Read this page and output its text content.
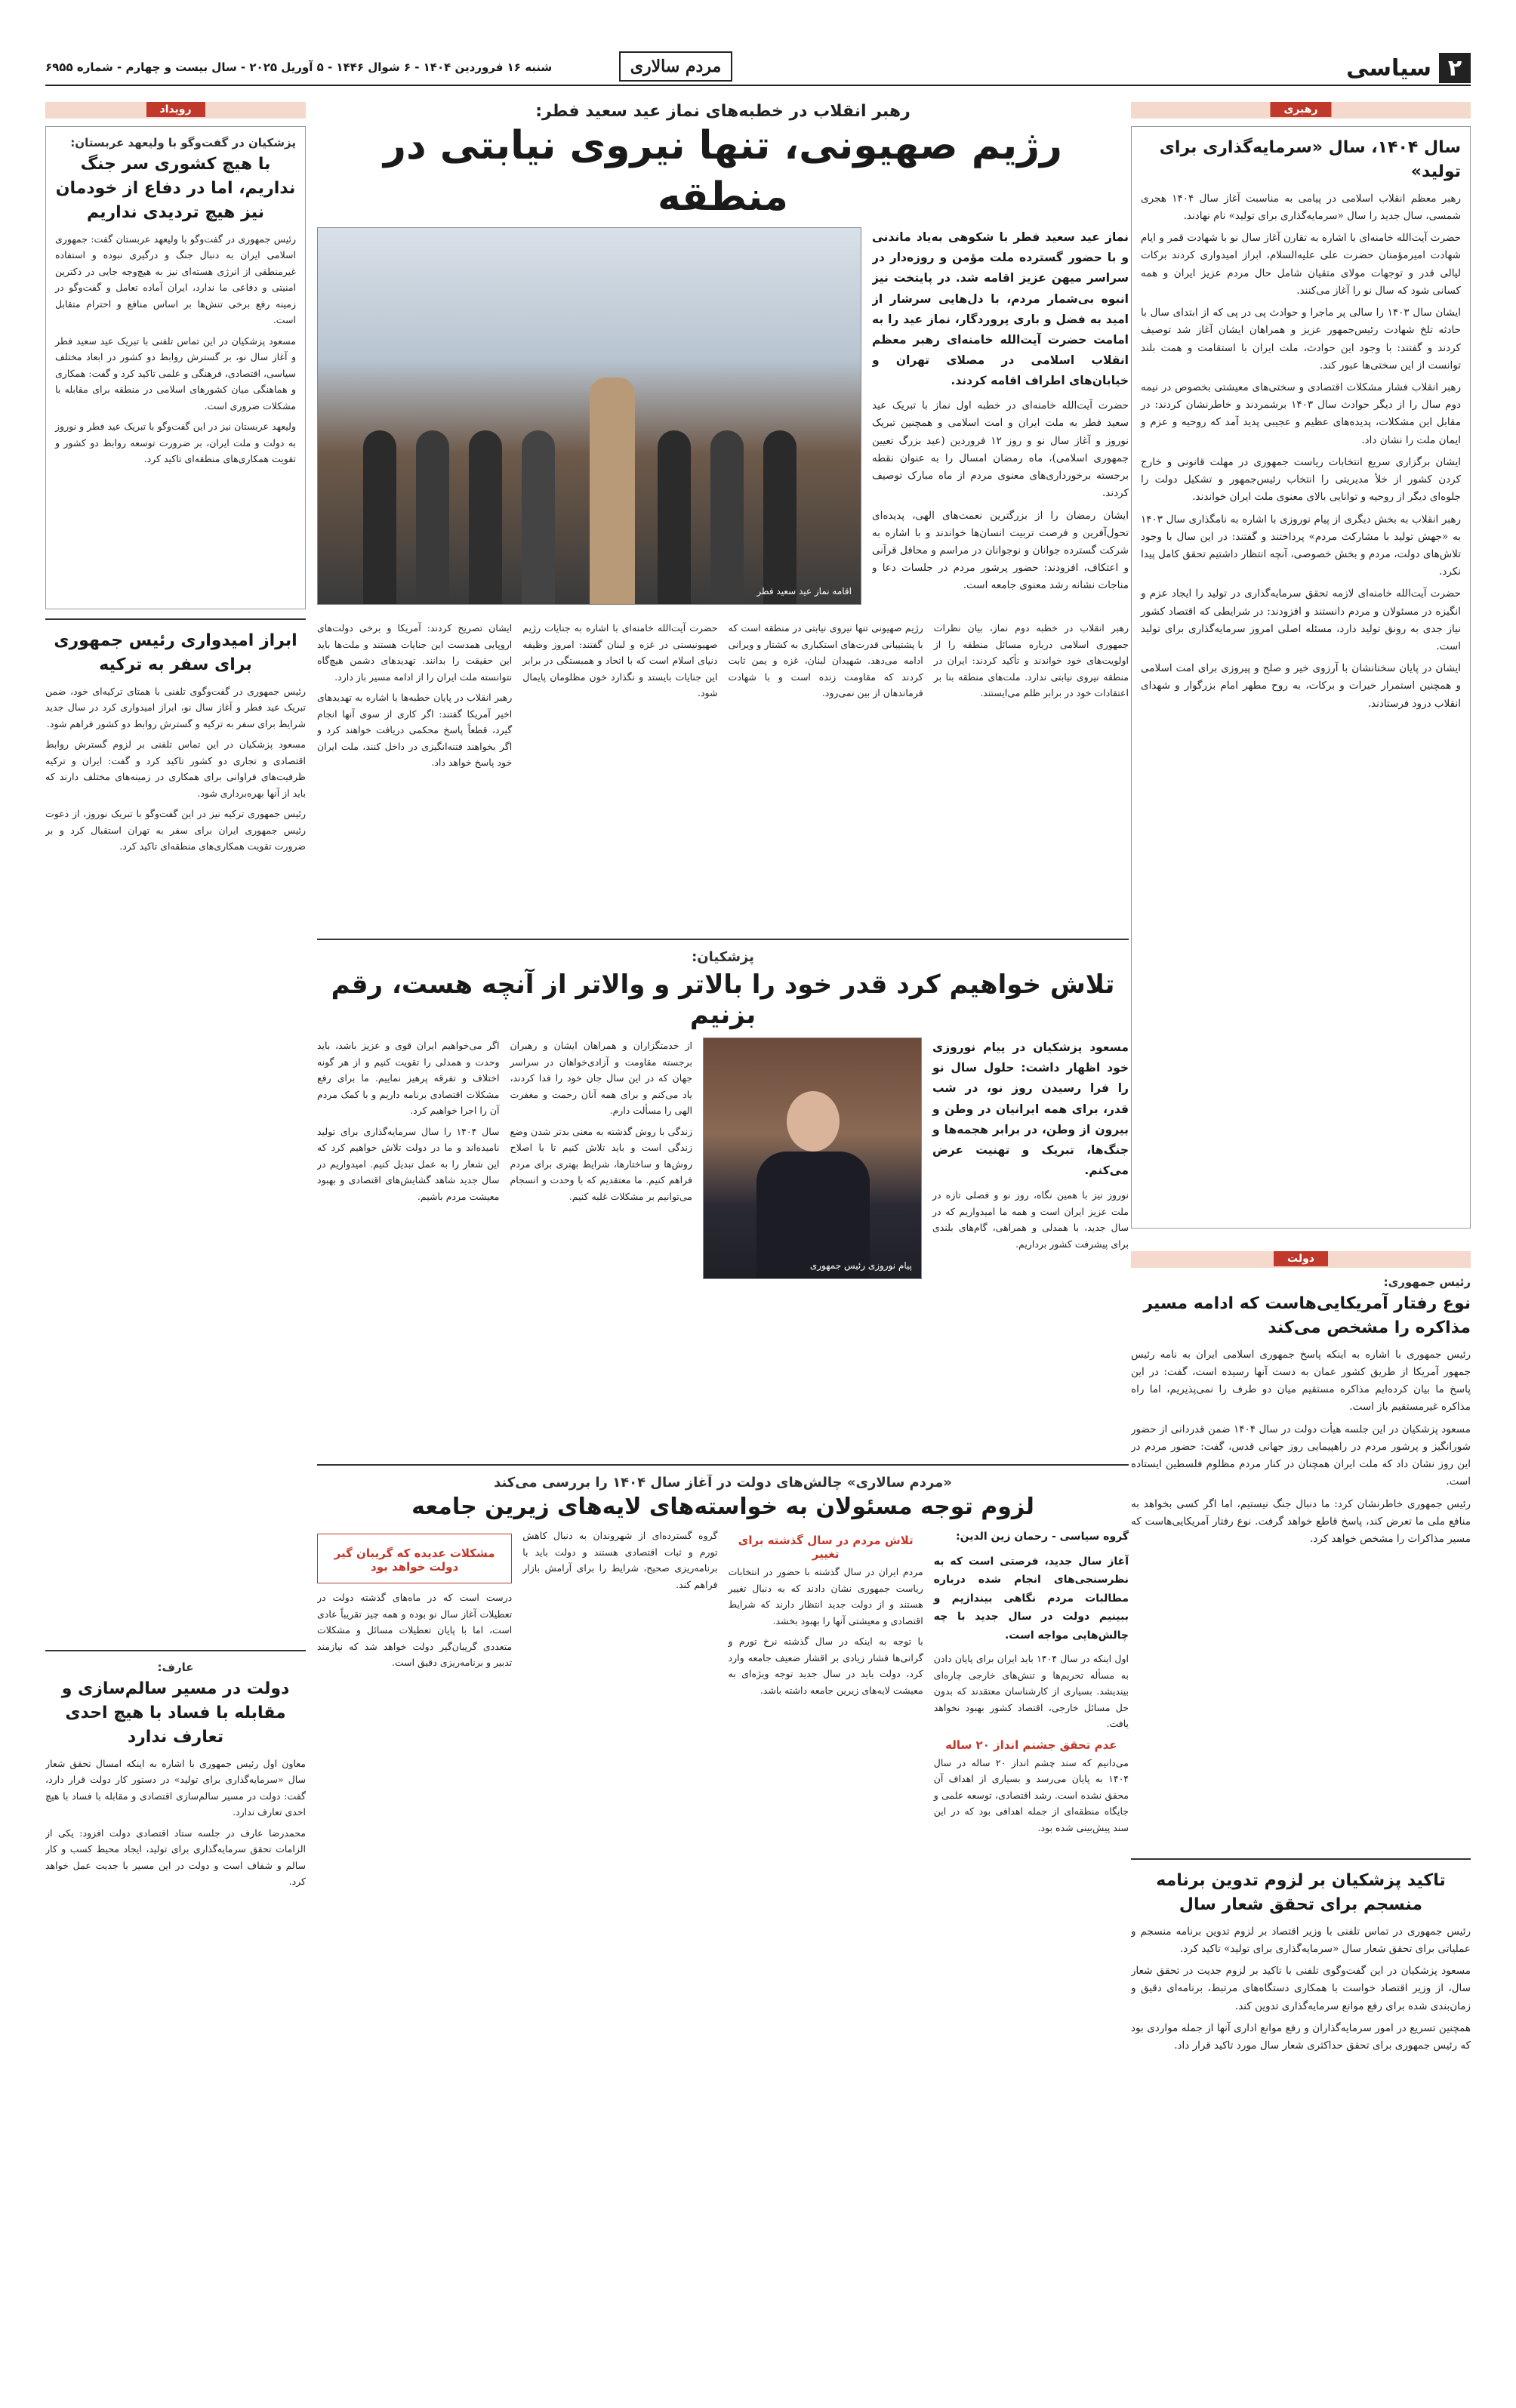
۲
سیاسی
مردم سالاری
شنبه ۱۶ فروردین ۱۴۰۴ - ۶ شوال ۱۴۴۶ - ۵ آوریل ۲۰۲۵ - سال بیست و چهارم - شماره ۶۹۵۵
رهبری
سال ۱۴۰۴، سال «سرمایه‌گذاری برای تولید»

رهبر معظم انقلاب اسلامی در پیامی به مناسبت آغاز سال ۱۴۰۴ هجری شمسی، سال جدید را سال «سرمایه‌گذاری برای تولید» نام نهادند.

حضرت آیت‌الله خامنه‌ای با اشاره به تقارن آغاز سال نو با شهادت قمر و ایام شهادت امیرمؤمنان حضرت علی علیه‌السلام، ابراز امیدواری کردند برکات لیالی قدر و توجهات مولای متقیان شامل حال مردم عزیز ایران و همه کسانی شود که سال نو را آغاز می‌کنند.

ایشان سال ۱۴۰۳ را سالی پر ماجرا و حوادث پی در پی که از ابتدای سال با حادثه تلخ شهادت رئیس‌جمهور عزیز و همراهان ایشان آغاز شد توصیف کردند و گفتند: با وجود این حوادث، ملت ایران با استقامت و همت بلند توانست از این سختی‌ها عبور کند.

رهبر انقلاب فشار مشکلات اقتصادی و سختی‌های معیشتی بخصوص در نیمه دوم سال را از دیگر حوادث سال ۱۴۰۳ برشمردند و خاطرنشان کردند: در مقابل این مشکلات، پدیده‌های عظیم و عجیبی پدید آمد که روحیه و عزم و ایمان ملت را نشان داد.

ایشان برگزاری سریع انتخابات ریاست جمهوری در مهلت قانونی و خارج کردن کشور از خلأ مدیریتی را انتخاب رئیس‌جمهور و تشکیل دولت را جلوه‌ای دیگر از روحیه و توانایی بالای معنوی ملت ایران خواندند.

رهبر انقلاب به بخش دیگری از پیام نوروزی با اشاره به نامگذاری سال ۱۴۰۳ به «جهش تولید با مشارکت مردم» پرداختند و گفتند: در این سال با وجود تلاش‌های دولت، مردم و بخش خصوصی، آنچه انتظار داشتیم تحقق کامل پیدا نکرد.

حضرت آیت‌الله خامنه‌ای لازمه تحقق سرمایه‌گذاری در تولید را ایجاد عزم و انگیزه در مسئولان و مردم دانستند و افزودند: در شرایطی که اقتصاد کشور نیاز جدی به رونق تولید دارد، مسئله اصلی امروز سرمایه‌گذاری برای تولید است.

ایشان در پایان سخنانشان با آرزوی خیر و صلح و پیروزی برای امت اسلامی و همچنین استمرار خیرات و برکات، به روح مطهر امام بزرگوار و شهدای انقلاب درود فرستادند.

دولت
رئیس جمهوری:
نوع رفتار آمریکایی‌هاست که ادامه مسیر مذاکره را مشخص می‌کند

رئیس جمهوری با اشاره به اینکه پاسخ جمهوری اسلامی ایران به نامه رئیس جمهور آمریکا از طریق کشور عمان به دست آنها رسیده است، گفت: در این پاسخ ما بیان کرده‌ایم مذاکره مستقیم میان دو طرف را نمی‌پذیریم، اما راه مذاکره غیرمستقیم باز است.

مسعود پزشکیان در این جلسه هیأت دولت در سال ۱۴۰۴ ضمن قدردانی از حضور شورانگیز و پرشور مردم در راهپیمایی روز جهانی قدس، گفت: حضور مردم در این روز نشان داد که ملت ایران همچنان در کنار مردم مظلوم فلسطین ایستاده است.

رئیس جمهوری خاطرنشان کرد: ما دنبال جنگ نیستیم، اما اگر کسی بخواهد به منافع ملی ما تعرض کند، پاسخ قاطع خواهد گرفت. نوع رفتار آمریکایی‌هاست که مسیر مذاکرات را مشخص خواهد کرد.

تاکید پزشکیان بر لزوم تدوین برنامه منسجم برای تحقق شعار سال

رئیس جمهوری در تماس تلفنی با وزیر اقتصاد بر لزوم تدوین برنامه منسجم و عملیاتی برای تحقق شعار سال «سرمایه‌گذاری برای تولید» تاکید کرد.

مسعود پزشکیان در این گفت‌وگوی تلفنی با تاکید بر لزوم جدیت در تحقق شعار سال، از وزیر اقتصاد خواست با همکاری دستگاه‌های مرتبط، برنامه‌ای دقیق و زمان‌بندی شده برای رفع موانع سرمایه‌گذاری تدوین کند.

همچنین تسریع در امور سرمایه‌گذاران و رفع موانع اداری آنها از جمله مواردی بود که رئیس جمهوری برای تحقق حداکثری شعار سال مورد تاکید قرار داد.

رهبر انقلاب در خطبه‌های نماز عید سعید فطر:
رژیم صهیونی، تنها نیروی نیابتی در منطقه

نماز عید سعید فطر با شکوهی به‌یاد ماندنی و با حضور گسترده ملت مؤمن و روزه‌دار در سراسر میهن عزیز اقامه شد. در پایتخت نیز انبوه بی‌شمار مردم، با دل‌هایی سرشار از امید به فضل و باری پروردگار، نماز عید را به امامت حضرت آیت‌الله خامنه‌ای رهبر معظم انقلاب اسلامی در مصلای تهران و خیابان‌های اطراف اقامه کردند.

حضرت آیت‌الله خامنه‌ای در خطبه اول نماز با تبریک عید سعید فطر به ملت ایران و امت اسلامی و همچنین تبریک نوروز و آغاز سال نو و روز ۱۲ فروردین (عید بزرگ تعیین جمهوری اسلامی)، ماه رمضان امسال را به عنوان نقطه برجسته برخورداری‌های معنوی مردم از ماه مبارک توصیف کردند.

ایشان رمضان را از بزرگترین نعمت‌های الهی، پدیده‌ای تحول‌آفرین و فرصت تربیت انسان‌ها خواندند و با اشاره به شرکت گسترده جوانان و نوجوانان در مراسم و محافل قرآنی و اعتکاف، افزودند: حضور پرشور مردم در جلسات دعا و مناجات نشانه رشد معنوی جامعه است.

اقامه نماز عید سعید فطر

رهبر انقلاب در خطبه دوم نماز، بیان نظرات جمهوری اسلامی درباره مسائل منطقه را از اولویت‌های خود خواندند و تأکید کردند: ایران در منطقه نیروی نیابتی ندارد. ملت‌های منطقه بنا بر اعتقادات خود در برابر ظلم می‌ایستند.

رژیم صهیونی تنها نیروی نیابتی در منطقه است که با پشتیبانی قدرت‌های استکباری به کشتار و ویرانی ادامه می‌دهد. شهیدان لبنان، غزه و یمن ثابت کردند که مقاومت زنده است و با شهادت فرماندهان از بین نمی‌رود.

حضرت آیت‌الله خامنه‌ای با اشاره به جنایات رژیم صهیونیستی در غزه و لبنان گفتند: امروز وظیفه دنیای اسلام است که با اتحاد و همبستگی در برابر این جنایات بایستد و نگذارد خون مظلومان پایمال شود.

ایشان تصریح کردند: آمریکا و برخی دولت‌های اروپایی همدست این جنایات هستند و ملت‌ها باید این حقیقت را بدانند. تهدیدهای دشمن هیچ‌گاه نتوانسته ملت ایران را از ادامه مسیر باز دارد.

رهبر انقلاب در پایان خطبه‌ها با اشاره به تهدیدهای اخیر آمریکا گفتند: اگر کاری از سوی آنها انجام گیرد، قطعاً پاسخ محکمی دریافت خواهند کرد و اگر بخواهند فتنه‌انگیزی در داخل کنند، ملت ایران خود پاسخ خواهد داد.

پزشکیان:
تلاش خواهیم کرد قدر خود را بالاتر و والاتر از آنچه هست، رقم بزنیم

مسعود پزشکیان در پیام نوروزی خود اظهار داشت: حلول سال نو را فرا رسیدن روز نو، در شب قدر، برای همه ایرانیان در وطن و بیرون از وطن، در برابر هجمه‌ها و جنگ‌ها، تبریک و تهنیت عرض می‌کنم.

نوروز نیز با همین نگاه، روز نو و فصلی تازه در ملت عزیز ایران است و همه ما امیدواریم که در سال جدید، با همدلی و همراهی، گام‌های بلندی برای پیشرفت کشور برداریم.

پیام نوروزی رئیس جمهوری

از خدمتگزاران و همراهان ایشان و رهبران برجسته مقاومت و آزادی‌خواهان در سراسر جهان که در این سال جان خود را فدا کردند، یاد می‌کنم و برای همه آنان رحمت و مغفرت الهی را مسألت دارم.

زندگی با روش گذشته به معنی بدتر شدن وضع زندگی است و باید تلاش کنیم تا با اصلاح روش‌ها و ساختارها، شرایط بهتری برای مردم فراهم کنیم. ما معتقدیم که با وحدت و انسجام می‌توانیم بر مشکلات غلبه کنیم.

اگر می‌خواهیم ایران قوی و عزیز باشد، باید وحدت و همدلی را تقویت کنیم و از هر گونه اختلاف و تفرقه پرهیز نماییم. ما برای رفع مشکلات اقتصادی برنامه داریم و با کمک مردم آن را اجرا خواهیم کرد.

سال ۱۴۰۴ را سال سرمایه‌گذاری برای تولید نامیده‌اند و ما در دولت تلاش خواهیم کرد که این شعار را به عمل تبدیل کنیم. امیدواریم در سال جدید شاهد گشایش‌های اقتصادی و بهبود معیشت مردم باشیم.

«مردم سالاری» چالش‌های دولت در آغاز سال ۱۴۰۴ را بررسی می‌کند
لزوم توجه مسئولان به خواسته‌های لایه‌های زیرین جامعه

گروه سیاسی - رحمان زین الدین:

آغاز سال جدید، فرصتی است که به نظرسنجی‌های انجام شده درباره مطالبات مردم نگاهی بیندازیم و ببینیم دولت در سال جدید با چه چالش‌هایی مواجه است.

اول اینکه در سال ۱۴۰۴ باید ایران برای پایان دادن به مسأله تحریم‌ها و تنش‌های خارجی چاره‌ای بیندیشد. بسیاری از کارشناسان معتقدند که بدون حل مسائل خارجی، اقتصاد کشور بهبود نخواهد یافت.

عدم تحقق جشنم انداز ۲۰ ساله

می‌دانیم که سند چشم انداز ۲۰ ساله در سال ۱۴۰۴ به پایان می‌رسد و بسیاری از اهداف آن محقق نشده است. رشد اقتصادی، توسعه علمی و جایگاه منطقه‌ای از جمله اهدافی بود که در این سند پیش‌بینی شده بود.

تلاش مردم در سال گذشته برای تغییر

مردم ایران در سال گذشته با حضور در انتخابات ریاست جمهوری نشان دادند که به دنبال تغییر هستند و از دولت جدید انتظار دارند که شرایط اقتصادی و معیشتی آنها را بهبود بخشد.

با توجه به اینکه در سال گذشته نرخ تورم و گرانی‌ها فشار زیادی بر اقشار ضعیف جامعه وارد کرد، دولت باید در سال جدید توجه ویژه‌ای به معیشت لایه‌های زیرین جامعه داشته باشد.

گروه گسترده‌ای از شهروندان به دنبال کاهش تورم و ثبات اقتصادی هستند و دولت باید با برنامه‌ریزی صحیح، شرایط را برای آرامش بازار فراهم کند.

مشکلات عدیده که گریبان گیر دولت خواهد بود

درست است که در ماه‌های گذشته دولت در تعطیلات آغاز سال نو بوده و همه چیز تقریباً عادی است، اما با پایان تعطیلات مسائل و مشکلات متعددی گریبان‌گیر دولت خواهد شد که نیازمند تدبیر و برنامه‌ریزی دقیق است.

رویداد
پزشکیان در گفت‌وگو با ولیعهد عربستان:
با هیچ کشوری سر جنگ نداریم، اما در دفاع از خودمان نیز هیچ تردیدی نداریم

رئیس جمهوری در گفت‌وگو با ولیعهد عربستان گفت: جمهوری اسلامی ایران به دنبال جنگ و درگیری نبوده و استفاده غیرمنطقی از انرژی هسته‌ای نیز به هیچ‌وجه جایی در دکترین امنیتی و دفاعی ما ندارد، ایران آماده تعامل و گفت‌وگو در زمینه رفع برخی تنش‌ها بر اساس منافع و احترام متقابل است.

مسعود پزشکیان در این تماس تلفنی با تبریک عید سعید فطر و آغاز سال نو، بر گسترش روابط دو کشور در ابعاد مختلف سیاسی، اقتصادی، فرهنگی و علمی تاکید کرد و گفت: همکاری و هماهنگی میان کشورهای اسلامی در منطقه برای مقابله با مشکلات ضروری است.

ولیعهد عربستان نیز در این گفت‌وگو با تبریک عید فطر و نوروز به دولت و ملت ایران، بر ضرورت توسعه روابط دو کشور و تقویت همکاری‌های منطقه‌ای تاکید کرد.

ابراز امیدواری رئیس جمهوری برای سفر به ترکیه

رئیس جمهوری در گفت‌وگوی تلفنی با همتای ترکیه‌ای خود، ضمن تبریک عید فطر و آغاز سال نو، ابراز امیدواری کرد در سال جدید شرایط برای سفر به ترکیه و گسترش روابط دو کشور فراهم شود.

مسعود پزشکیان در این تماس تلفنی بر لزوم گسترش روابط اقتصادی و تجاری دو کشور تاکید کرد و گفت: ایران و ترکیه ظرفیت‌های فراوانی برای همکاری در زمینه‌های مختلف دارند که باید از آنها بهره‌برداری شود.

رئیس جمهوری ترکیه نیز در این گفت‌وگو با تبریک نوروز، از دعوت رئیس جمهوری ایران برای سفر به تهران استقبال کرد و بر ضرورت تقویت همکاری‌های منطقه‌ای تاکید کرد.

عارف:
دولت در مسیر سالم‌سازی و مقابله با فساد با هیچ احدی تعارف ندارد

معاون اول رئیس جمهوری با اشاره به اینکه امسال تحقق شعار سال «سرمایه‌گذاری برای تولید» در دستور کار دولت قرار دارد، گفت: دولت در مسیر سالم‌سازی اقتصادی و مقابله با فساد با هیچ احدی تعارف ندارد.

محمدرضا عارف در جلسه ستاد اقتصادی دولت افزود: یکی از الزامات تحقق سرمایه‌گذاری برای تولید، ایجاد محیط کسب و کار سالم و شفاف است و دولت در این مسیر با جدیت عمل خواهد کرد.
